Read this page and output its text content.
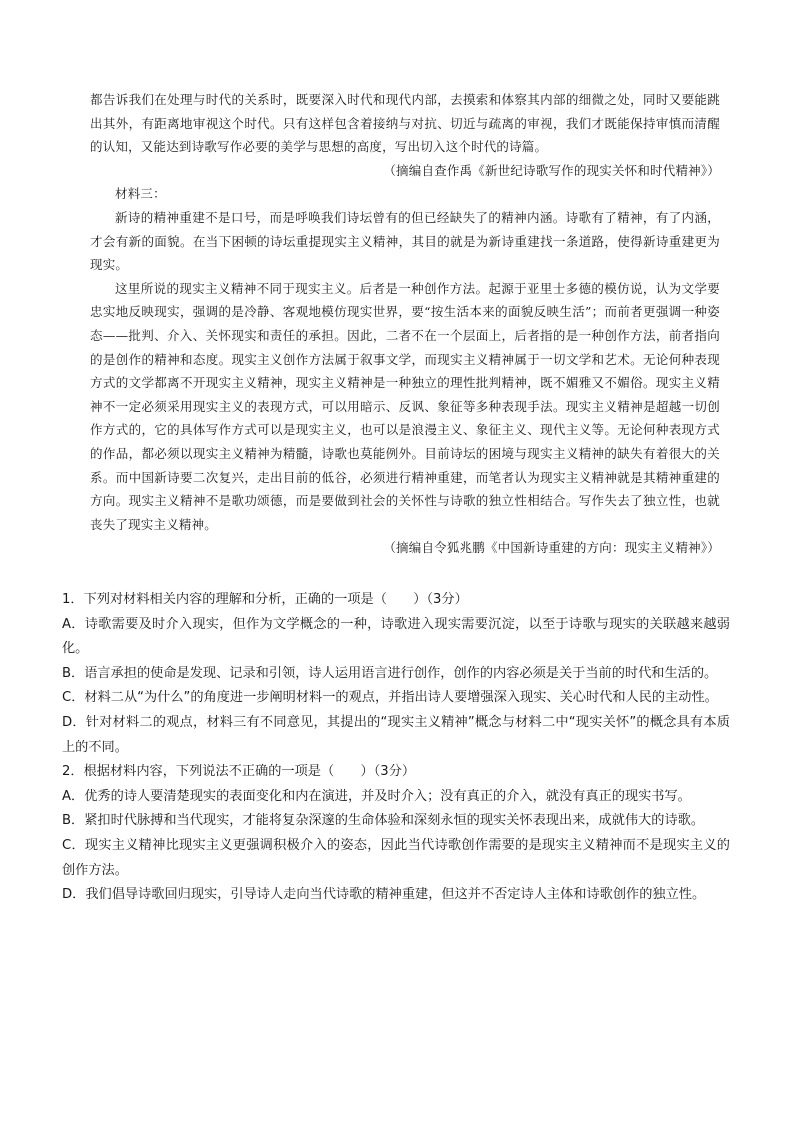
都告诉我们在处理与时代的关系时，既要深入时代和现代内部，去摸索和体察其内部的细微之处，同时又要能跳出其外，有距离地审视这个时代。只有这样包含着接纳与对抗、切近与疏离的审视，我们才既能保持审慎而清醒的认知，又能达到诗歌写作必要的美学与思想的高度，写出切入这个时代的诗篇。

（摘编自查作禹《新世纪诗歌写作的现实关怀和时代精神》）

材料三：

新诗的精神重建不是口号，而是呼唤我们诗坛曾有的但已经缺失了的精神内涵。诗歌有了精神，有了内涵，才会有新的面貌。在当下困顿的诗坛重提现实主义精神，其目的就是为新诗重建找一条道路，使得新诗重建更为现实。

这里所说的现实主义精神不同于现实主义。后者是一种创作方法。起源于亚里士多德的模仿说，认为文学要忠实地反映现实，强调的是冷静、客观地模仿现实世界，要“按生活本来的面貌反映生活”；而前者更强调一种姿态——批判、介入、关怀现实和责任的承担。因此，二者不在一个层面上，后者指的是一种创作方法，前者指向的是创作的精神和态度。现实主义创作方法属于叙事文学，而现实主义精神属于一切文学和艺术。无论何种表现方式的文学都离不开现实主义精神，现实主义精神是一种独立的理性批判精神，既不媚雅又不媚俗。现实主义精神不一定必须采用现实主义的表现方式，可以用暗示、反讽、象征等多种表现手法。现实主义精神是超越一切创作方式的，它的具体写作方式可以是现实主义，也可以是浪漫主义、象征主义、现代主义等。无论何种表现方式的作品，都必须以现实主义精神为精髓，诗歌也莫能例外。目前诗坛的困境与现实主义精神的缺失有着很大的关系。而中国新诗要二次复兴，走出目前的低谷，必须进行精神重建，而笔者认为现实主义精神就是其精神重建的方向。现实主义精神不是歌功颂德，而是要做到社会的关怀性与诗歌的独立性相结合。写作失去了独立性，也就丧失了现实主义精神。

（摘编自令狐兆鹏《中国新诗重建的方向：现实主义精神》）

1．下列对材料相关内容的理解和分析，正确的一项是（　　）（3分）

A．诗歌需要及时介入现实，但作为文学概念的一种，诗歌进入现实需要沉淀，以至于诗歌与现实的关联越来越弱化。

B．语言承担的使命是发现、记录和引领，诗人运用语言进行创作，创作的内容必须是关于当前的时代和生活的。

C．材料二从“为什么”的角度进一步阐明材料一的观点，并指出诗人要增强深入现实、关心时代和人民的主动性。

D．针对材料二的观点，材料三有不同意见，其提出的“现实主义精神”概念与材料二中“现实关怀”的概念具有本质上的不同。

2．根据材料内容，下列说法不正确的一项是（　　）（3分）

A．优秀的诗人要清楚现实的表面变化和内在演进，并及时介入；没有真正的介入，就没有真正的现实书写。

B．紧扣时代脉搏和当代现实，才能将复杂深邃的生命体验和深刻永恒的现实关怀表现出来，成就伟大的诗歌。

C．现实主义精神比现实主义更强调积极介入的姿态，因此当代诗歌创作需要的是现实主义精神而不是现实主义的创作方法。

D．我们倡导诗歌回归现实，引导诗人走向当代诗歌的精神重建，但这并不否定诗人主体和诗歌创作的独立性。
